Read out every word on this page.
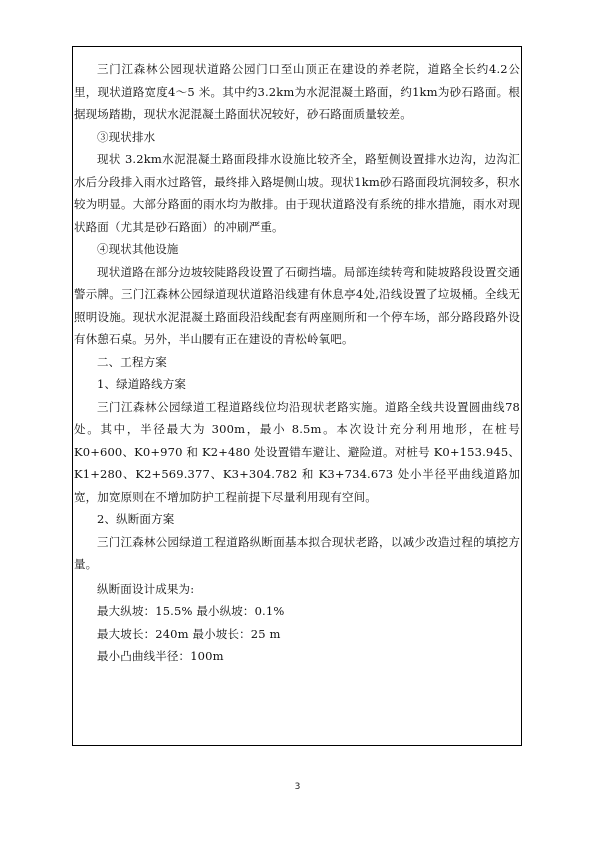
三门江森林公园现状道路公园门口至山顶正在建设的养老院，道路全长约4.2公里，现状道路宽度4～5 米。其中约3.2km为水泥混凝土路面，约1km为砂石路面。根据现场踏勘，现状水泥混凝土路面状况较好，砂石路面质量较差。

③现状排水

现状 3.2km水泥混凝土路面段排水设施比较齐全，路堑侧设置排水边沟，边沟汇水后分段排入雨水过路管，最终排入路堤侧山坡。现状1km砂石路面段坑洞较多，积水较为明显。大部分路面的雨水均为散排。由于现状道路没有系统的排水措施，雨水对现状路面（尤其是砂石路面）的冲刷严重。

④现状其他设施

现状道路在部分边坡较陡路段设置了石砌挡墙。局部连续转弯和陡坡路段设置交通警示牌。三门江森林公园绿道现状道路沿线建有休息亭4处,沿线设置了垃圾桶。全线无照明设施。现状水泥混凝土路面段沿线配套有两座厕所和一个停车场，部分路段路外设有休憩石桌。另外，半山腰有正在建设的青松岭氧吧。

二、工程方案

1、绿道路线方案

三门江森林公园绿道工程道路线位均沿现状老路实施。道路全线共设置圆曲线78 处。其中，半径最大为 300m，最小 8.5m。本次设计充分利用地形，在桩号 K0+600、K0+970 和 K2+480 处设置错车避让、避险道。对桩号 K0+153.945、K1+280、K2+569.377、K3+304.782 和 K3+734.673 处小半径平曲线道路加宽，加宽原则在不增加防护工程前提下尽量利用现有空间。

2、纵断面方案

三门江森林公园绿道工程道路纵断面基本拟合现状老路，以减少改造过程的填挖方量。

纵断面设计成果为:

最大纵坡：15.5% 最小纵坡：0.1%

最大坡长：240m 最小坡长：25 m

最小凸曲线半径：100m

3
